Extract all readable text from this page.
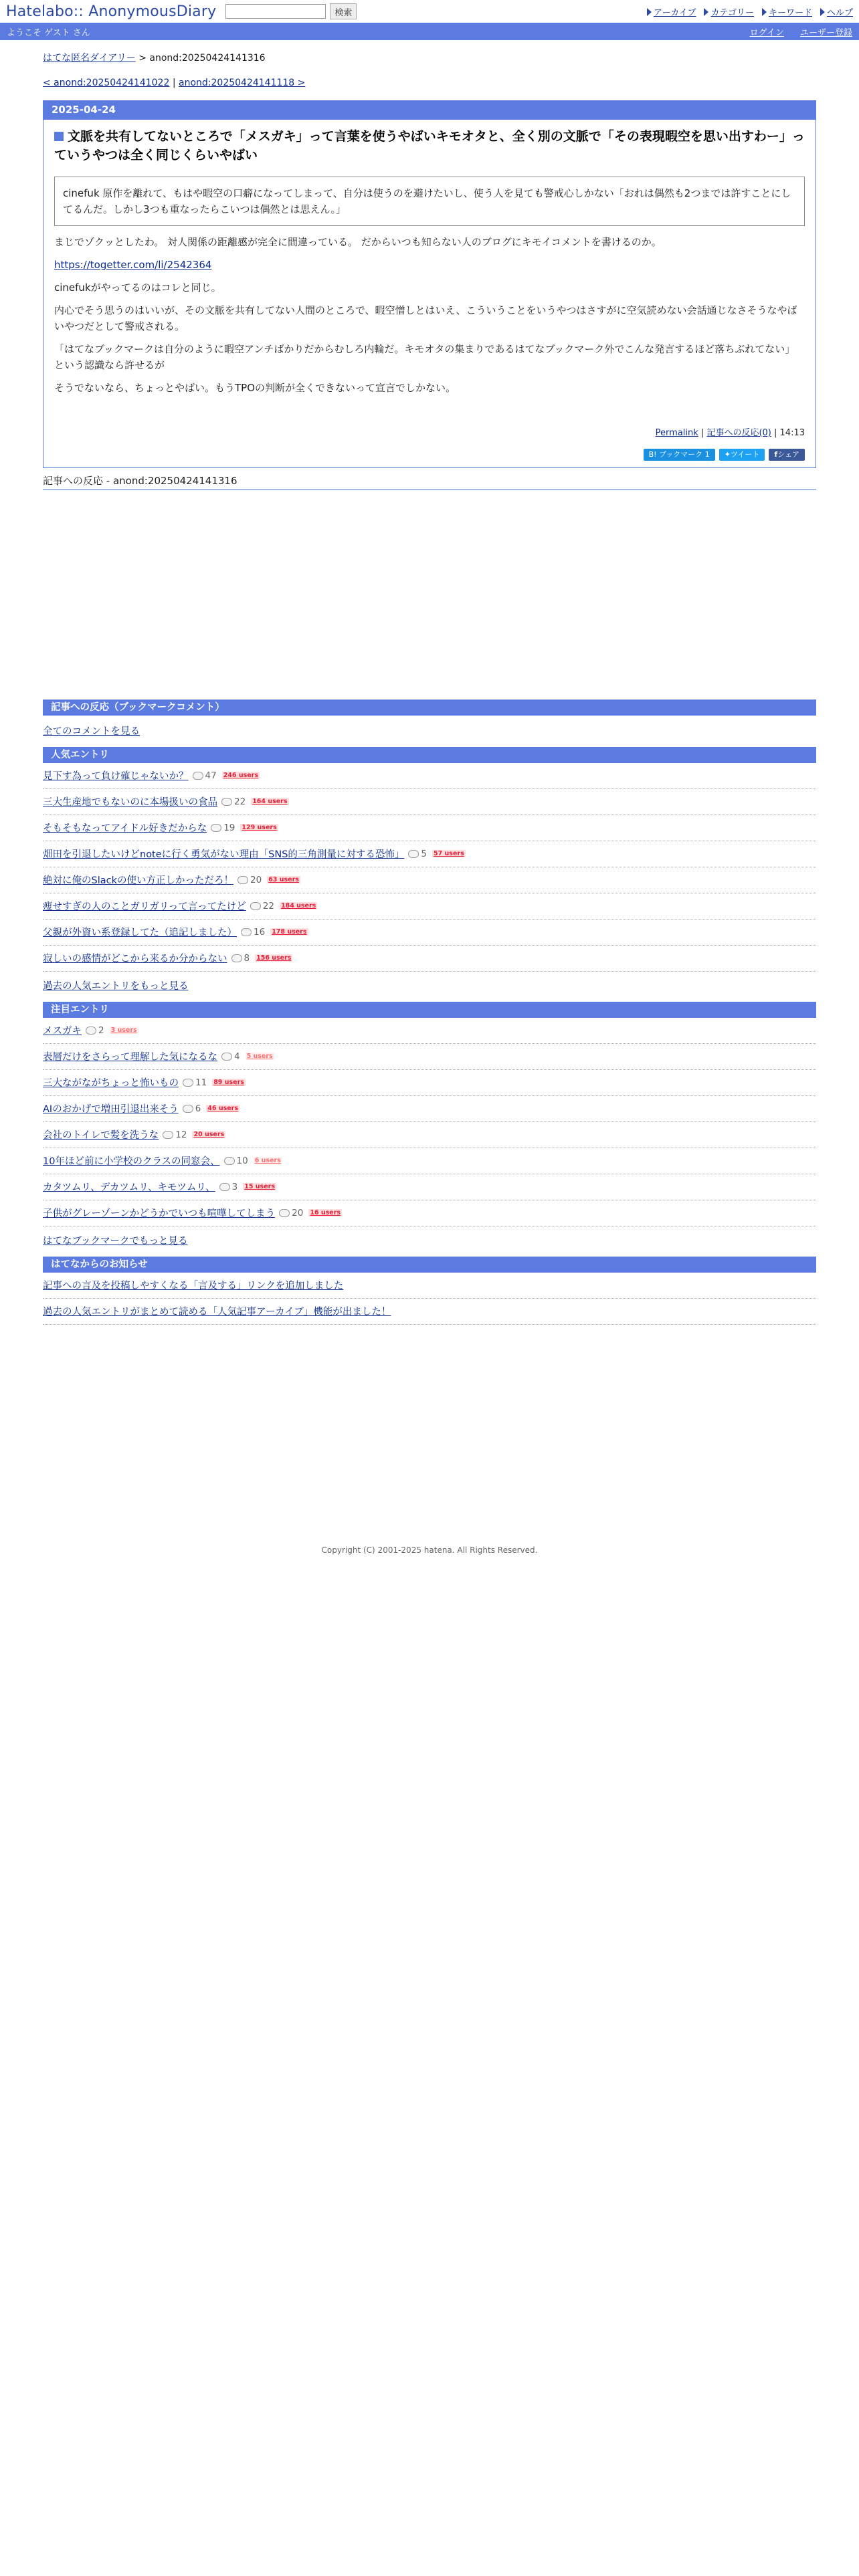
Hatelabo:: AnonymousDiary	検索	アーカイブ	カテゴリー	キーワード	ヘルプ
ようこそ ゲスト さん	ログイン ユーザー登録
はてな匿名ダイアリー > anond:20250424141316
< anond:20250424141022 | anond:20250424141118 >
2025-04-24
文脈を共有してないところで「メスガキ」って言葉を使うやばいキモオタと、全く別の文脈で「その表現暇空を思い出すわー」っていうやつは全く同じくらいやばい
cinefuk 原作を離れて、もはや暇空の口癖になってしまって、自分は使うのを避けたいし、使う人を見ても警戒心しかない「おれは偶然も2つまでは許すことにしてるんだ。しかし3つも重なったらこいつは偶然とは思えん。」

まじでゾクッとしたわ。 対人関係の距離感が完全に間違っている。 だからいつも知らない人のブログにキモイコメントを書けるのか。

https://togetter.com/li/2542364

cinefukがやってるのはコレと同じ。

内心でそう思うのはいいが、その文脈を共有してない人間のところで、暇空憎しとはいえ、こういうことをいうやつはさすがに空気読めない会話通じなさそうなやばいやつだとして警戒される。

「はてなブックマークは自分のように暇空アンチばかりだからむしろ内輪だ。キモオタの集まりであるはてなブックマーク外でこんな発言するほど落ちぶれてない」という認識なら許せるが

そうでないなら、ちょっとやばい。もうTPOの判断が全くできないって宣言でしかない。

Permalink | 記事への反応(0) | 14:13
B! ブックマーク 1	✦ツイート	fシェア
記事への反応 - anond:20250424141316
記事への反応（ブックマークコメント）
全てのコメントを見る
人気エントリ
見下す為って負け確じゃないか？ 47 246 users
三大生産地でもないのに本場扱いの食品 22 164 users
そもそもなってアイドル好きだからな 19 129 users
畑田を引退したいけどnoteに行く勇気がない理由「SNS的三角測量に対する恐怖」 5 57 users
絶対に俺のSlackの使い方正しかっただろ！ 20 63 users
痩せすぎの人のことガリガリって言ってたけど 22 184 users
父親が外資い系登録してた（追記しました） 16 178 users
寂しいの感情がどこから来るか分からない 8 156 users
過去の人気エントリをもっと見る
注目エントリ
メスガキ 2 3 users
表層だけをさらって理解した気になるな 4 5 users
三大ながながちょっと怖いもの 11 89 users
AIのおかげで増田引退出来そう 6 46 users
会社のトイレで髪を洗うな 12 20 users
10年ほど前に小学校のクラスの同窓会、 10 6 users
カタツムリ、デカツムリ、キモツムリ、 3 15 users
子供がグレーゾーンかどうかでいつも喧嘩してしまう 20 16 users
はてなブックマークでもっと見る
はてなからのお知らせ
記事への言及を投稿しやすくなる「言及する」リンクを追加しました
過去の人気エントリがまとめて読める「人気記事アーカイブ」機能が出ました！
Copyright (C) 2001-2025 hatena. All Rights Reserved.
